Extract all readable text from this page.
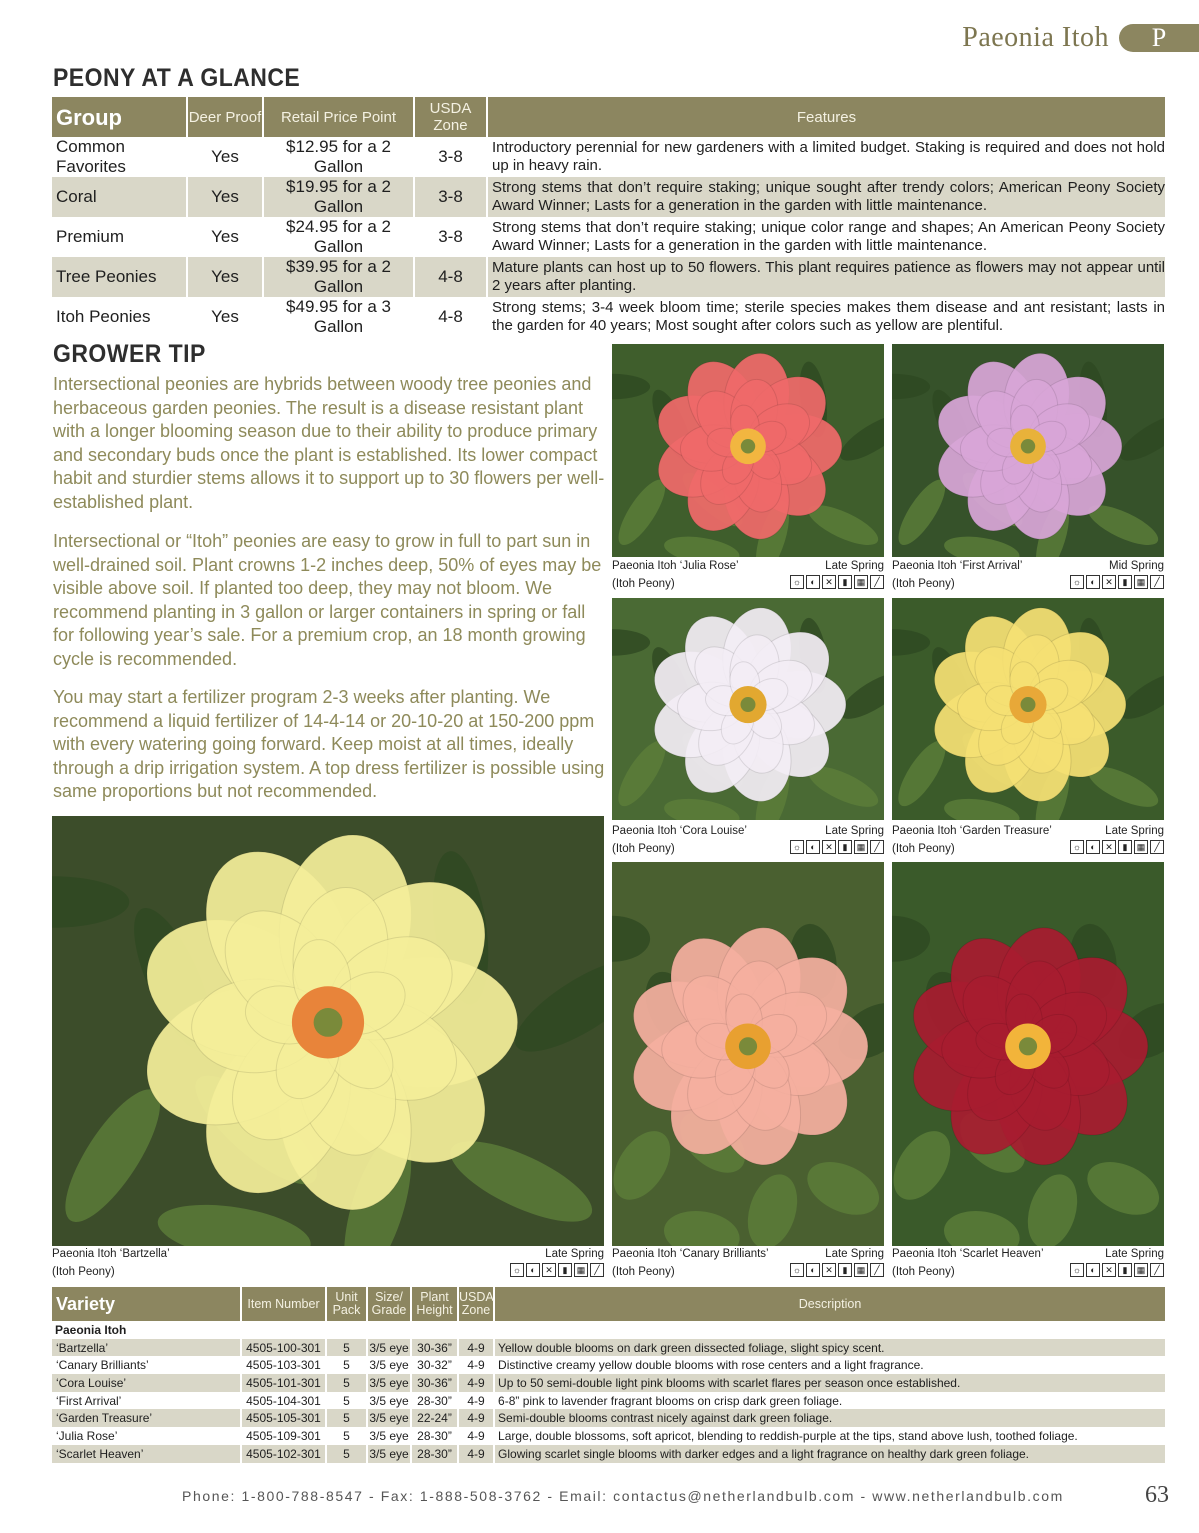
Paeonia Itoh	P
PEONY AT A GLANCE
Group	Deer Proof	Retail Price Point	USDA Zone	Features
Common Favorites	Yes	$12.95 for a 2 Gallon	3-8	Introductory perennial for new gardeners with a limited budget. Staking is required and does not hold up in heavy rain.
Coral	Yes	$19.95 for a 2 Gallon	3-8	Strong stems that don’t require staking; unique sought after trendy colors; American Peony Society Award Winner; Lasts for a generation in the garden with little maintenance.
Premium	Yes	$24.95 for a 2 Gallon	3-8	Strong stems that don’t require staking; unique color range and shapes; An American Peony Society Award Winner; Lasts for a generation in the garden with little maintenance.
Tree Peonies	Yes	$39.95 for a 2 Gallon	4-8	Mature plants can host up to 50 flowers. This plant requires patience as flowers may not appear until 2 years after planting.
Itoh Peonies	Yes	$49.95 for a 3 Gallon	4-8	Strong stems; 3-4 week bloom time; sterile species makes them disease and ant resistant; lasts in the garden for 40 years; Most sought after colors such as yellow are plentiful.
GROWER TIP

Intersectional peonies are hybrids between woody tree peonies and herbaceous garden peonies. The result is a disease resistant plant with a longer blooming season due to their ability to produce primary and secondary buds once the plant is established. Its lower compact habit and sturdier stems allows it to support up to 30 flowers per well-established plant.

Intersectional or “Itoh” peonies are easy to grow in full to part sun in well-drained soil. Plant crowns 1-2 inches deep, 50% of eyes may be visible above soil. If planted too deep, they may not bloom. We recommend planting in 3 gallon or larger containers in spring or fall for following year’s sale. For a premium crop, an 18 month growing cycle is recommended.

You may start a fertilizer program 2-3 weeks after planting. We recommend a liquid fertilizer of 14-4-14 or 20-10-20 at 150-200 ppm with every watering going forward. Keep moist at all times, ideally through a drip irrigation system. A top dress fertilizer is possible using same proportions but not recommended.

Paeonia Itoh ‘Julia Rose’
(Itoh Peony)
Late Spring
☼	◐	✕	▮	▦	╱
Paeonia Itoh ‘First Arrival’
(Itoh Peony)
Mid Spring
☼	◐	✕	▮	▦	╱
Paeonia Itoh ‘Cora Louise’
(Itoh Peony)
Late Spring
☼	◐	✕	▮	▦	╱
Paeonia Itoh ‘Garden Treasure’
(Itoh Peony)
Late Spring
☼	◐	✕	▮	▦	╱
Paeonia Itoh ‘Bartzella’
(Itoh Peony)
Late Spring
☼	◐	✕	▮	▦	╱
Paeonia Itoh ‘Canary Brilliants’
(Itoh Peony)
Late Spring
☼	◐	✕	▮	▦	╱
Paeonia Itoh ‘Scarlet Heaven’
(Itoh Peony)
Late Spring
☼	◐	✕	▮	▦	╱
Variety	Item Number	Unit Pack	Size/ Grade	Plant Height	USDA Zone	Description
Paeonia Itoh						
‘Bartzella’	4505-100-301	5	3/5 eye	30-36”	4-9	Yellow double blooms on dark green dissected foliage, slight spicy scent.
‘Canary Brilliants’	4505-103-301	5	3/5 eye	30-32”	4-9	Distinctive creamy yellow double blooms with rose centers and a light fragrance.
‘Cora Louise’	4505-101-301	5	3/5 eye	30-36”	4-9	Up to 50 semi-double light pink blooms with scarlet flares per season once established.
‘First Arrival’	4505-104-301	5	3/5 eye	28-30”	4-9	6-8” pink to lavender fragrant blooms on crisp dark green foliage.
‘Garden Treasure’	4505-105-301	5	3/5 eye	22-24”	4-9	Semi-double blooms contrast nicely against dark green foliage.
‘Julia Rose’	4505-109-301	5	3/5 eye	28-30”	4-9	Large, double blossoms, soft apricot, blending to reddish-purple at the tips, stand above lush, toothed foliage.
‘Scarlet Heaven’	4505-102-301	5	3/5 eye	28-30”	4-9	Glowing scarlet single blooms with darker edges and a light fragrance on healthy dark green foliage.
Phone: 1-800-788-8547 - Fax: 1-888-508-3762 - Email: contactus@netherlandbulb.com - www.netherlandbulb.com	63
